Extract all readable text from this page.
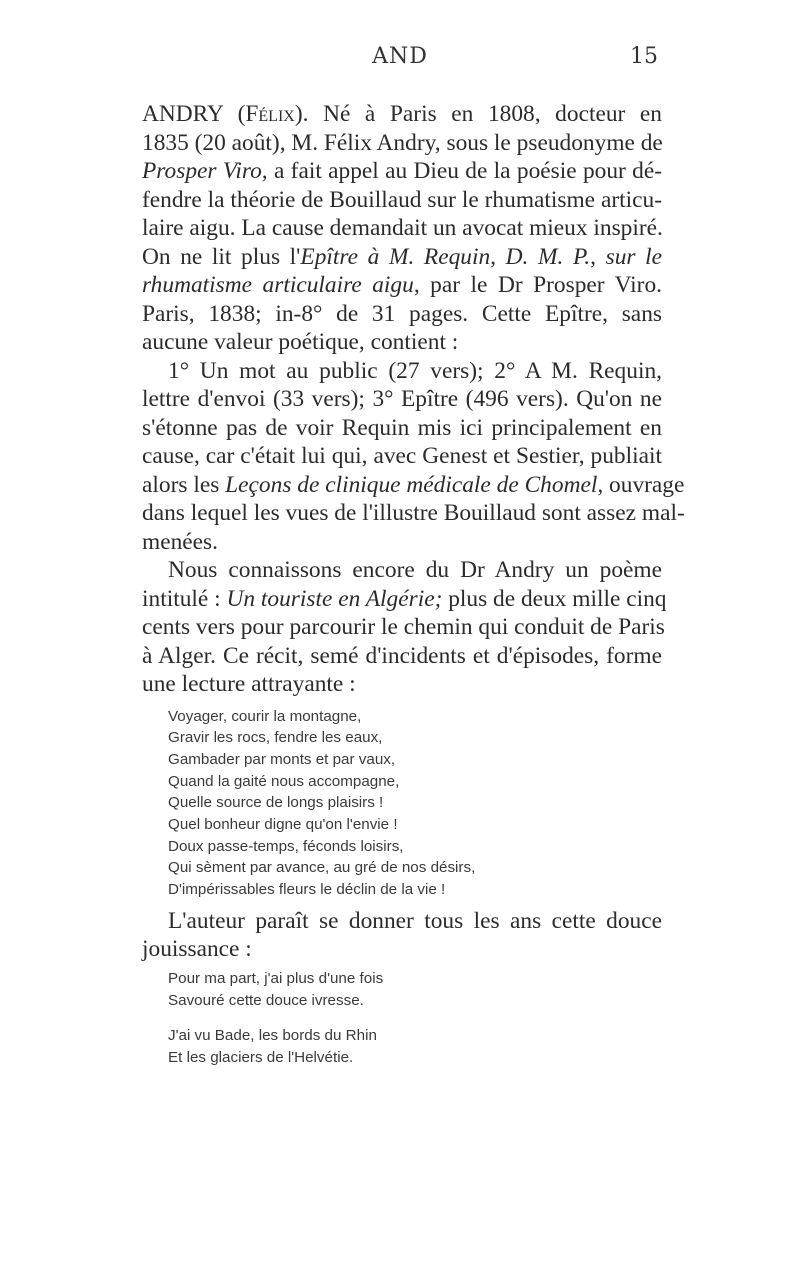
AND	15
ANDRY (Félix). Né à Paris en 1808, docteur en
1835 (20 août), M. Félix Andry, sous le pseudonyme de
Prosper Viro, a fait appel au Dieu de la poésie pour dé-
fendre la théorie de Bouillaud sur le rhumatisme articu-
laire aigu. La cause demandait un avocat mieux inspiré.
On ne lit plus l'Epître à M. Requin, D. M. P., sur le
rhumatisme articulaire aigu, par le Dr Prosper Viro.
Paris, 1838; in-8° de 31 pages. Cette Epître, sans
aucune valeur poétique, contient :
1° Un mot au public (27 vers); 2° A M. Requin,
lettre d'envoi (33 vers); 3° Epître (496 vers). Qu'on ne
s'étonne pas de voir Requin mis ici principalement en
cause, car c'était lui qui, avec Genest et Sestier, publiait
alors les Leçons de clinique médicale de Chomel, ouvrage
dans lequel les vues de l'illustre Bouillaud sont assez mal-
menées.
Nous connaissons encore du Dr Andry un poème
intitulé : Un touriste en Algérie; plus de deux mille cinq
cents vers pour parcourir le chemin qui conduit de Paris
à Alger. Ce récit, semé d'incidents et d'épisodes, forme
une lecture attrayante :
Voyager, courir la montagne,
Gravir les rocs, fendre les eaux,
Gambader par monts et par vaux,
Quand la gaité nous accompagne,
Quelle source de longs plaisirs !
Quel bonheur digne qu'on l'envie !
Doux passe-temps, féconds loisirs,
Qui sèment par avance, au gré de nos désirs,
D'impérissables fleurs le déclin de la vie !
L'auteur paraît se donner tous les ans cette douce
jouissance :
Pour ma part, j'ai plus d'une fois
Savouré cette douce ivresse.
J'ai vu Bade, les bords du Rhin
Et les glaciers de l'Helvétie.
